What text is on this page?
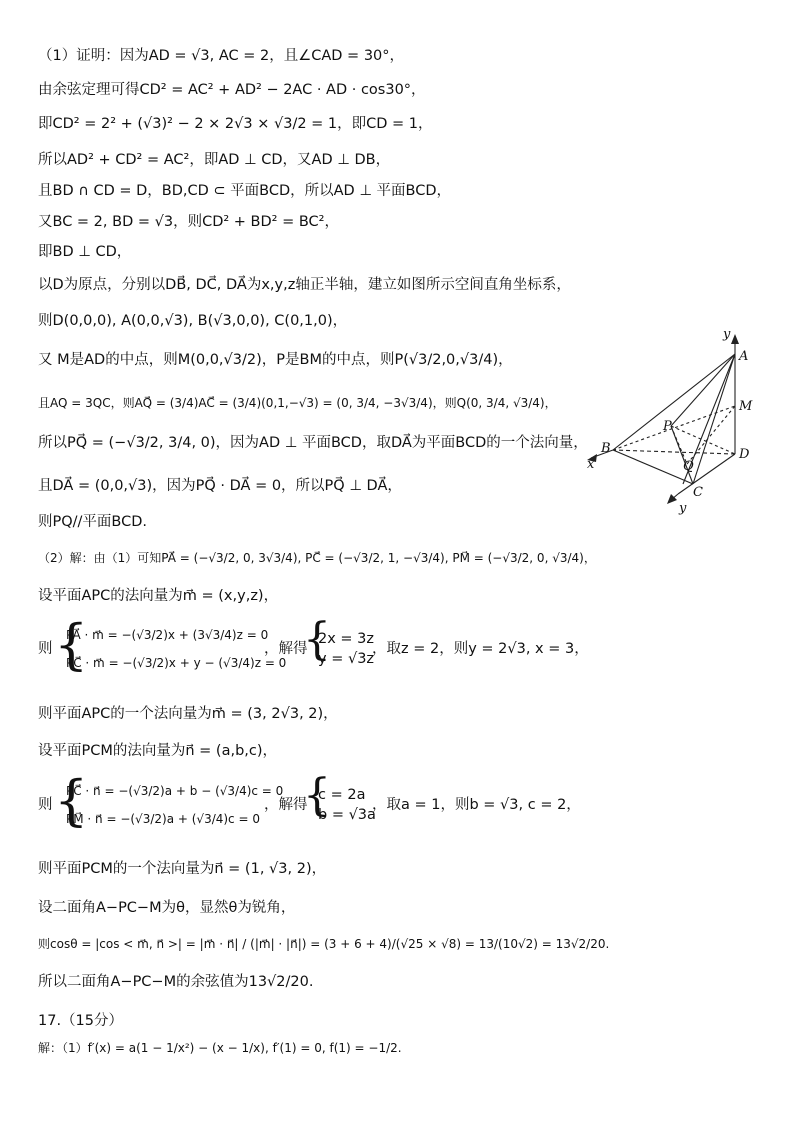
（1）证明：因为AD = √3, AC = 2，且∠CAD = 30°，
由余弦定理可得CD² = AC² + AD² − 2AC · AD · cos30°，
即CD² = 2² + (√3)² − 2 × 2√3 × √3/2 = 1，即CD = 1，
所以AD² + CD² = AC²，即AD ⊥ CD，又AD ⊥ DB，
且BD ∩ CD = D，BD,CD ⊂ 平面BCD，所以AD ⊥ 平面BCD，
又BC = 2, BD = √3，则CD² + BD² = BC²，
即BD ⊥ CD，
以D为原点，分别以DB⃗, DC⃗, DA⃗为x,y,z轴正半轴，建立如图所示空间直角坐标系，
则D(0,0,0), A(0,0,√3), B(√3,0,0), C(0,1,0)，
又 M是AD的中点，则M(0,0,√3/2)，P是BM的中点，则P(√3/2,0,√3/4)，
且AQ = 3QC，则AQ⃗ = (3/4)AC⃗ = (3/4)(0,1,−√3) = (0, 3/4, −3√3/4)，则Q(0, 3/4, √3/4)，
所以PQ⃗ = (−√3/2, 3/4, 0)，因为AD ⊥ 平面BCD，取DA⃗为平面BCD的一个法向量，
且DA⃗ = (0,0,√3)，因为PQ⃗ · DA⃗ = 0，所以PQ⃗ ⊥ DA⃗，
则PQ//平面BCD.
（2）解：由（1）可知PA⃗ = (−√3/2, 0, 3√3/4), PC⃗ = (−√3/2, 1, −√3/4), PM⃗ = (−√3/2, 0, √3/4)，
设平面APC的法向量为m⃗ = (x,y,z)，
则 {
PA⃗ · m⃗ = −(√3/2)x + (3√3/4)z = 0
PC⃗ · m⃗ = −(√3/2)x + y − (√3/4)z = 0
，解得
{
2x = 3z
y = √3z
，取z = 2，则y = 2√3, x = 3，
则平面APC的一个法向量为m⃗ = (3, 2√3, 2)，
设平面PCM的法向量为n⃗ = (a,b,c)，
则 {
PC⃗ · n⃗ = −(√3/2)a + b − (√3/4)c = 0
PM⃗ · n⃗ = −(√3/2)a + (√3/4)c = 0
，解得
{
c = 2a
b = √3a
，取a = 1，则b = √3, c = 2，
则平面PCM的一个法向量为n⃗ = (1, √3, 2)，
设二面角A−PC−M为θ，显然θ为锐角，
则cosθ = |cos < m⃗, n⃗ >| = |m⃗ · n⃗| / (|m⃗| · |n⃗|) = (3 + 6 + 4)/(√25 × √8) = 13/(10√2) = 13√2/20.
所以二面角A−PC−M的余弦值为13√2/20.
17.（15分）
解：（1）f′(x) = a(1 − 1/x²) − (x − 1/x), f′(1) = 0, f(1) = −1/2.
y
A
M
P
B
x	Q
D
C
y
